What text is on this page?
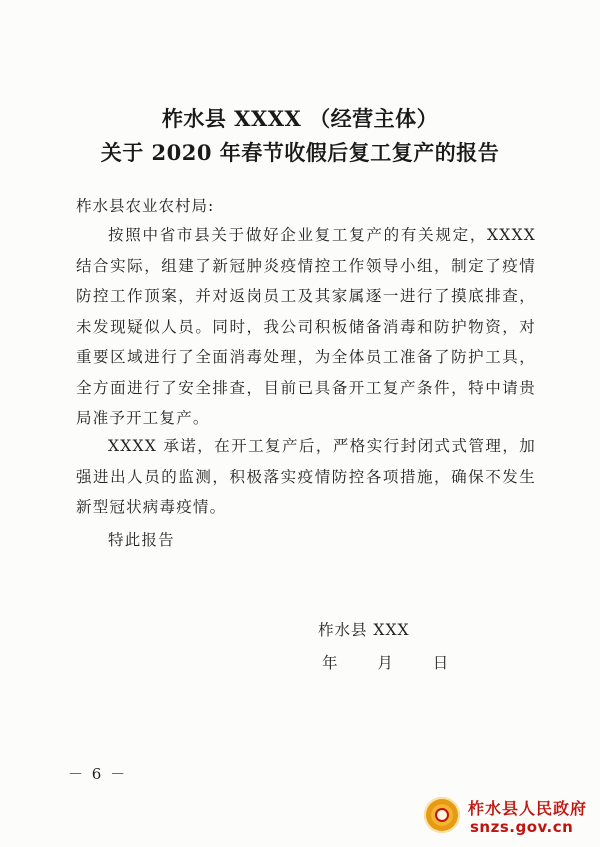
柞水县 XXXX （经营主体）
关于 2020 年春节收假后复工复产的报告
柞水县农业农村局:
按照中省市县关于做好企业复工复产的有关规定，XXXX 结合实际，组建了新冠肿炎疫情控工作领导小组，制定了疫情防控工作顶案，并对返岗员工及其家属逐一进行了摸底排查，未发现疑似人员。同时，我公司积板储备消毒和防护物资，对重要区域进行了全面消毒处理，为全体员工准备了防护工具，全方面进行了安全排查，目前已具备开工复产条件，特中请贵局准予开工复产。
XXXX 承诺，在开工复产后，严格实行封闭式式管理，加强进出人员的监测，积极落实疫情防控各项措施，确保不发生新型冠状病毒疫情。
特此报告
柞水县 XXX
年	月	日
－ 6 －
柞水县人民政府
snzs.gov.cn
